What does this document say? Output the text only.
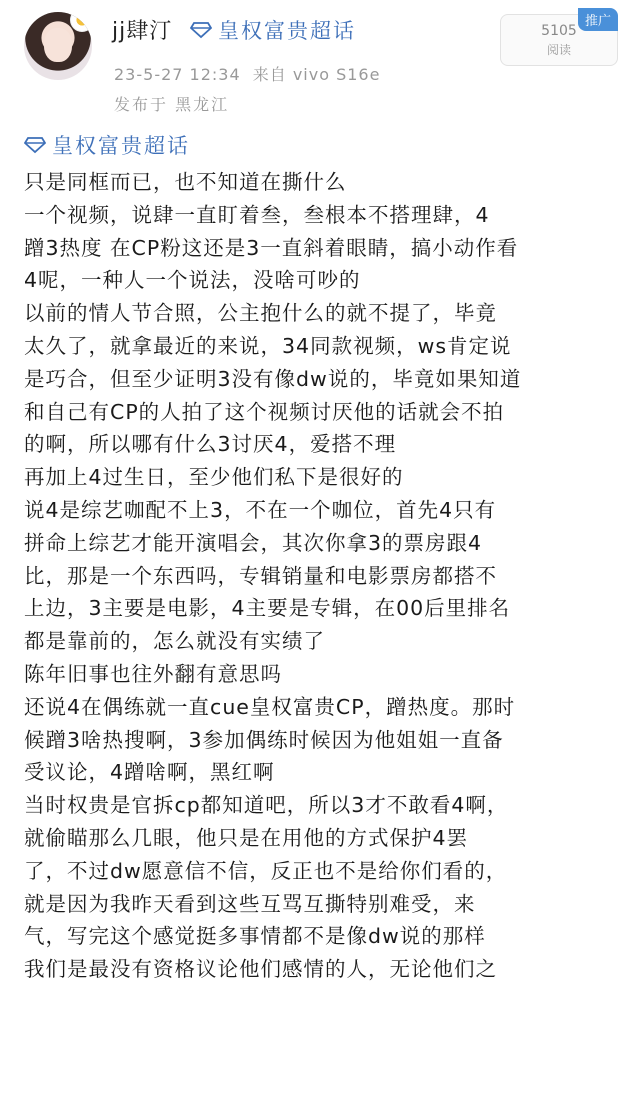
jj肆汀 皇权富贵超话
23-5-27 12:34 来自 vivo S16e
发布于 黑龙江
5105
阅读
推广
皇权富贵超话
只是同框而已，也不知道在撕什么
一个视频，说肆一直盯着叁，叁根本不搭理肆，4
蹭3热度 在CP粉这还是3一直斜着眼睛，搞小动作看
4呢，一种人一个说法，没啥可吵的
以前的情人节合照，公主抱什么的就不提了，毕竟
太久了，就拿最近的来说，34同款视频，ws肯定说
是巧合，但至少证明3没有像dw说的，毕竟如果知道
和自己有CP的人拍了这个视频讨厌他的话就会不拍
的啊，所以哪有什么3讨厌4，爱搭不理
再加上4过生日，至少他们私下是很好的
说4是综艺咖配不上3，不在一个咖位，首先4只有
拼命上综艺才能开演唱会，其次你拿3的票房跟4
比，那是一个东西吗，专辑销量和电影票房都搭不
上边，3主要是电影，4主要是专辑，在00后里排名
都是靠前的，怎么就没有实绩了
陈年旧事也往外翻有意思吗
还说4在偶练就一直cue皇权富贵CP，蹭热度。那时
候蹭3啥热搜啊，3参加偶练时候因为他姐姐一直备
受议论，4蹭啥啊，黑红啊
当时权贵是官拆cp都知道吧，所以3才不敢看4啊，
就偷瞄那么几眼，他只是在用他的方式保护4罢
了，不过dw愿意信不信，反正也不是给你们看的，
就是因为我昨天看到这些互骂互撕特别难受，来
气，写完这个感觉挺多事情都不是像dw说的那样
我们是最没有资格议论他们感情的人，无论他们之
